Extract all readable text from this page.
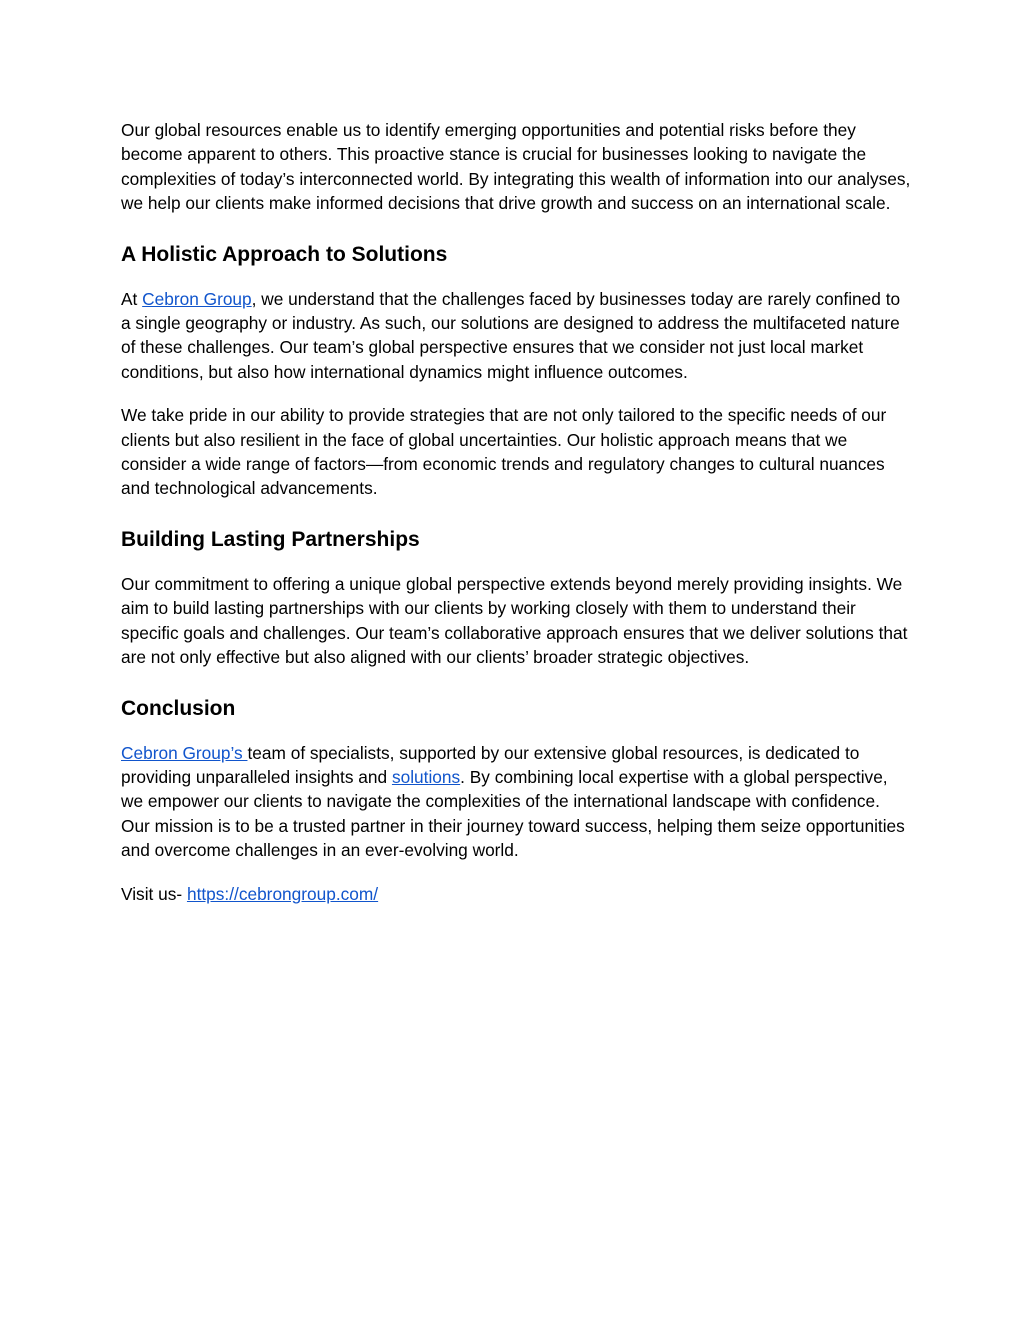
Our global resources enable us to identify emerging opportunities and potential risks before they become apparent to others. This proactive stance is crucial for businesses looking to navigate the complexities of today’s interconnected world. By integrating this wealth of information into our analyses, we help our clients make informed decisions that drive growth and success on an international scale.

A Holistic Approach to Solutions

At Cebron Group, we understand that the challenges faced by businesses today are rarely confined to a single geography or industry. As such, our solutions are designed to address the multifaceted nature of these challenges. Our team’s global perspective ensures that we consider not just local market conditions, but also how international dynamics might influence outcomes.

We take pride in our ability to provide strategies that are not only tailored to the specific needs of our clients but also resilient in the face of global uncertainties. Our holistic approach means that we consider a wide range of factors—from economic trends and regulatory changes to cultural nuances and technological advancements.

Building Lasting Partnerships

Our commitment to offering a unique global perspective extends beyond merely providing insights. We aim to build lasting partnerships with our clients by working closely with them to understand their specific goals and challenges. Our team’s collaborative approach ensures that we deliver solutions that are not only effective but also aligned with our clients’ broader strategic objectives.

Conclusion

Cebron Group’s team of specialists, supported by our extensive global resources, is dedicated to providing unparalleled insights and solutions. By combining local expertise with a global perspective, we empower our clients to navigate the complexities of the international landscape with confidence. Our mission is to be a trusted partner in their journey toward success, helping them seize opportunities and overcome challenges in an ever-evolving world.

Visit us- https://cebrongroup.com/
